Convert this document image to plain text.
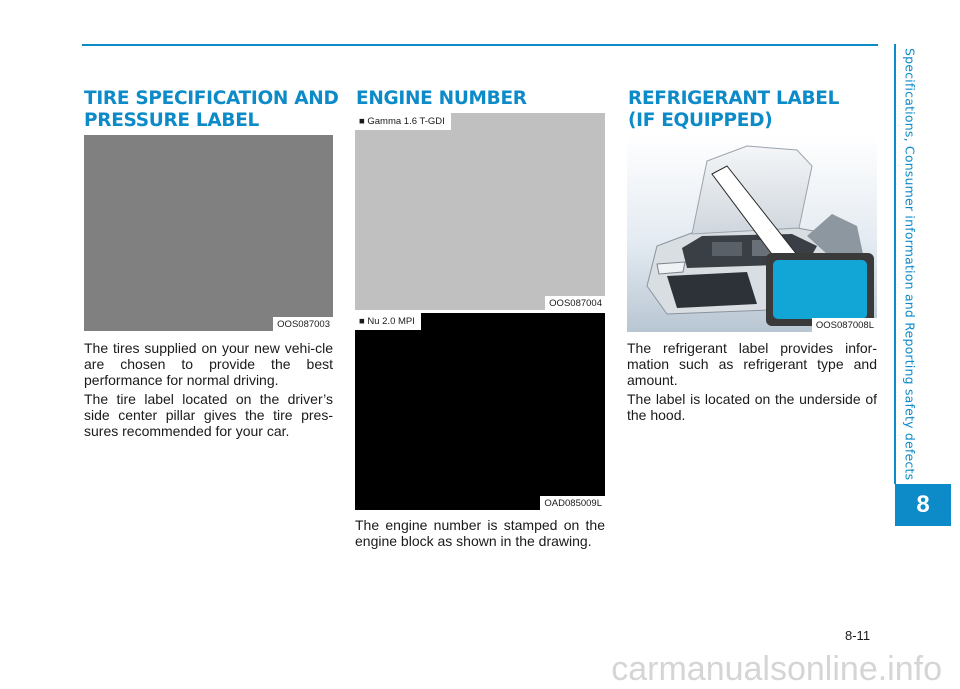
Specifications, Consumer information and Reporting safety defects
8
TIRE SPECIFICATION AND
PRESSURE LABEL
OOS087003

The tires supplied on your new vehi-cle are chosen to provide the best performance for normal driving.

The tire label located on the driver’s side center pillar gives the tire pres-sures recommended for your car.

ENGINE NUMBER
■ Gamma 1.6 T-GDI
OOS087004
■ Nu 2.0 MPI
OAD085009L

The engine number is stamped on the engine block as shown in the drawing.

REFRIGERANT LABEL
(IF EQUIPPED)
OOS087008L

The refrigerant label provides infor-mation such as refrigerant type and amount.

The label is located on the underside of the hood.

8-11
carmanualsonline.info
